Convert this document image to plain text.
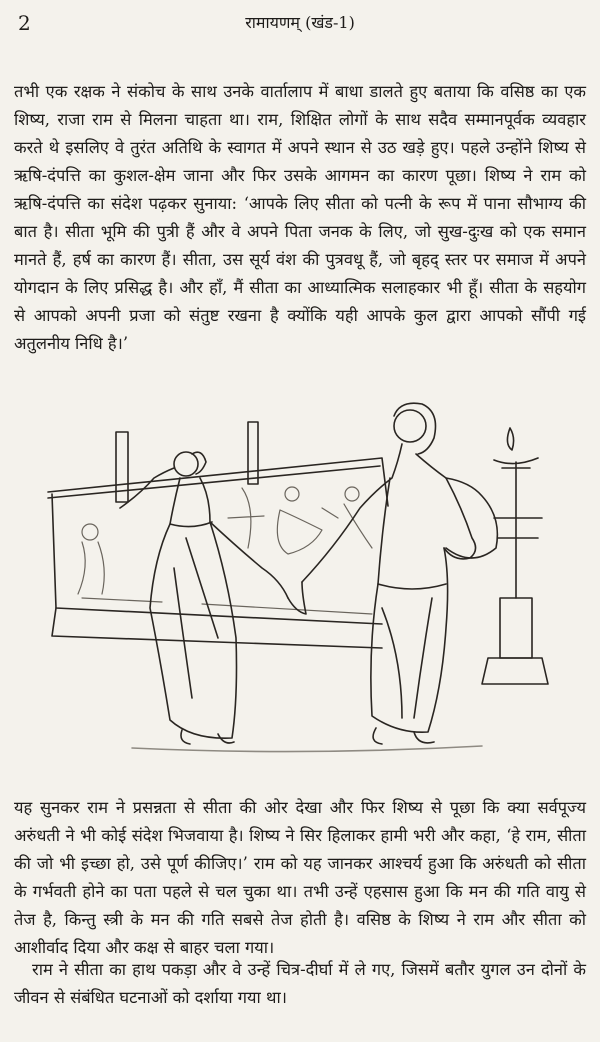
2	रामायणम् (खंड-1)

तभी एक रक्षक ने संकोच के साथ उनके वार्तालाप में बाधा डालते हुए बताया कि वसिष्ठ का एक शिष्य, राजा राम से मिलना चाहता था। राम, शिक्षित लोगों के साथ सदैव सम्मानपूर्वक व्यवहार करते थे इसलिए वे तुरंत अतिथि के स्वागत में अपने स्थान से उठ खड़े हुए। पहले उन्होंने शिष्य से ऋषि-दंपत्ति का कुशल-क्षेम जाना और फिर उसके आगमन का कारण पूछा। शिष्य ने राम को ऋषि-दंपत्ति का संदेश पढ़कर सुनाया: ‘आपके लिए सीता को पत्नी के रूप में पाना सौभाग्य की बात है। सीता भूमि की पुत्री हैं और वे अपने पिता जनक के लिए, जो सुख-दुःख को एक समान मानते हैं, हर्ष का कारण हैं। सीता, उस सूर्य वंश की पुत्रवधू हैं, जो बृहद् स्तर पर समाज में अपने योगदान के लिए प्रसिद्ध है। और हाँ, मैं सीता का आध्यात्मिक सलाहकार भी हूँ। सीता के सहयोग से आपको अपनी प्रजा को संतुष्ट रखना है क्योंकि यही आपके कुल द्वारा आपको सौंपी गई अतुलनीय निधि है।’

यह सुनकर राम ने प्रसन्नता से सीता की ओर देखा और फिर शिष्य से पूछा कि क्या सर्वपूज्य अरुंधती ने भी कोई संदेश भिजवाया है। शिष्य ने सिर हिलाकर हामी भरी और कहा, ‘हे राम, सीता की जो भी इच्छा हो, उसे पूर्ण कीजिए।’ राम को यह जानकर आश्चर्य हुआ कि अरुंधती को सीता के गर्भवती होने का पता पहले से चल चुका था। तभी उन्हें एहसास हुआ कि मन की गति वायु से तेज है, किन्तु स्त्री के मन की गति सबसे तेज होती है। वसिष्ठ के शिष्य ने राम और सीता को आशीर्वाद दिया और कक्ष से बाहर चला गया।

राम ने सीता का हाथ पकड़ा और वे उन्हें चित्र-दीर्घा में ले गए, जिसमें बतौर युगल उन दोनों के जीवन से संबंधित घटनाओं को दर्शाया गया था।
